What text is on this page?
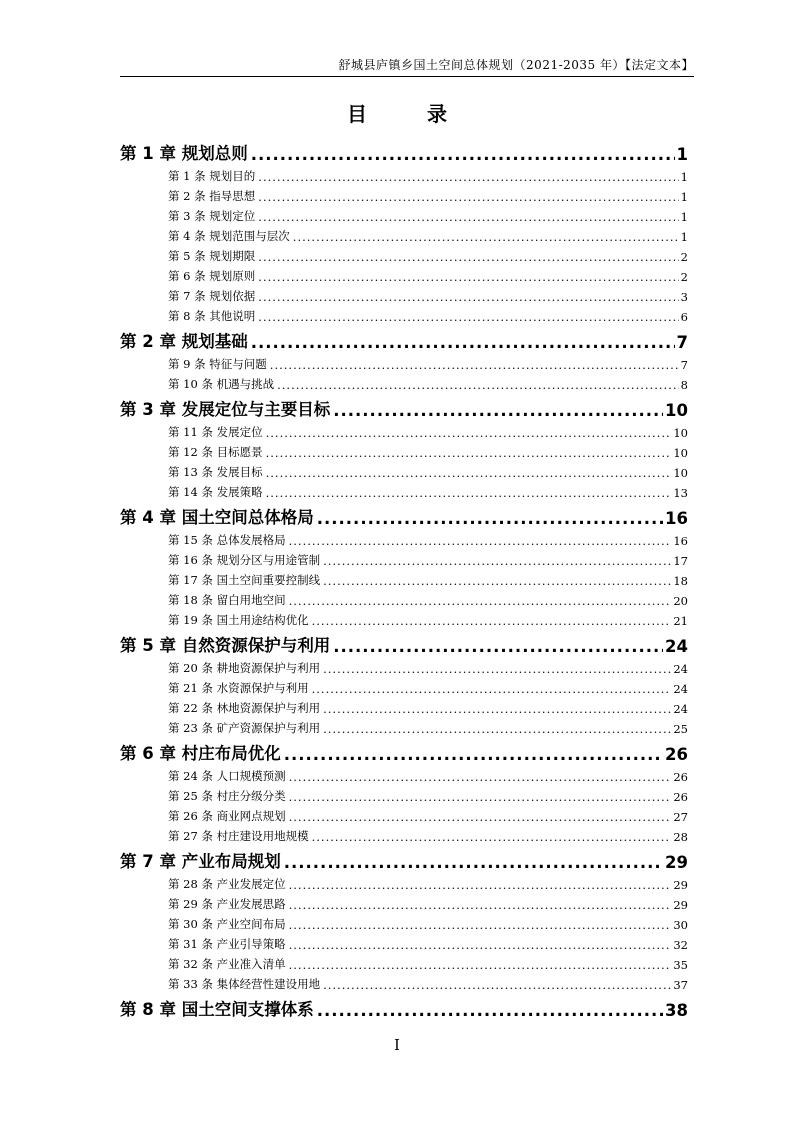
舒城县庐镇乡国土空间总体规划（2021-2035 年）【法定文本】
目　录
第 1 章 规划总则 .....	1
第 1 条 规划目的 .....	1
第 2 条 指导思想 .....	1
第 3 条 规划定位 .....	1
第 4 条 规划范围与层次 .....	1
第 5 条 规划期限 .....	2
第 6 条 规划原则 .....	2
第 7 条 规划依据 .....	3
第 8 条 其他说明 .....	6
第 2 章 规划基础 .....	7
第 9 条 特征与问题 .....	7
第 10 条 机遇与挑战 .....	8
第 3 章 发展定位与主要目标 .....	10
第 11 条 发展定位 .....	10
第 12 条 目标愿景 .....	10
第 13 条 发展目标 .....	10
第 14 条 发展策略 .....	13
第 4 章 国土空间总体格局 .....	16
第 15 条 总体发展格局 .....	16
第 16 条 规划分区与用途管制 .....	17
第 17 条 国土空间重要控制线 .....	18
第 18 条 留白用地空间 .....	20
第 19 条 国土用途结构优化 .....	21
第 5 章 自然资源保护与利用 .....	24
第 20 条 耕地资源保护与利用 .....	24
第 21 条 水资源保护与利用 .....	24
第 22 条 林地资源保护与利用 .....	24
第 23 条 矿产资源保护与利用 .....	25
第 6 章 村庄布局优化 .....	26
第 24 条 人口规模预测 .....	26
第 25 条 村庄分级分类 .....	26
第 26 条 商业网点规划 .....	27
第 27 条 村庄建设用地规模 .....	28
第 7 章 产业布局规划 .....	29
第 28 条 产业发展定位 .....	29
第 29 条 产业发展思路 .....	29
第 30 条 产业空间布局 .....	30
第 31 条 产业引导策略 .....	32
第 32 条 产业准入清单 .....	35
第 33 条 集体经营性建设用地 .....	37
第 8 章 国土空间支撑体系 .....	38
I
